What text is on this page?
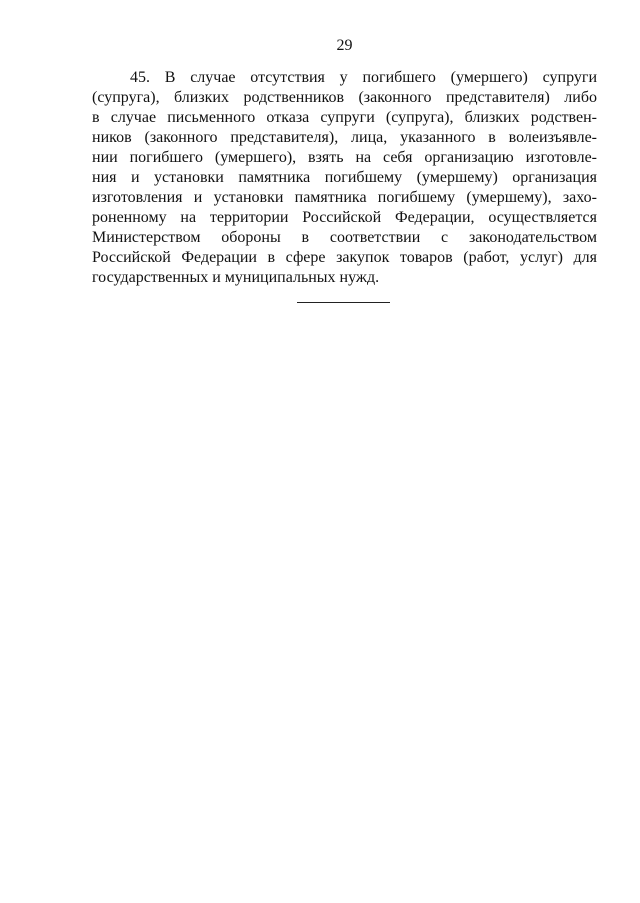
29
45. В случае отсутствия у погибшего (умершего) супруги
(супруга), близких родственников (законного представителя) либо
в случае письменного отказа супруги (супруга), близких родствен-
ников (законного представителя), лица, указанного в волеизъявле-
нии погибшего (умершего), взять на себя организацию изготовле-
ния и установки памятника погибшему (умершему) организация
изготовления и установки памятника погибшему (умершему), захо-
роненному на территории Российской Федерации, осуществляется
Министерством обороны в соответствии с законодательством
Российской Федерации в сфере закупок товаров (работ, услуг) для
государственных и муниципальных нужд.
